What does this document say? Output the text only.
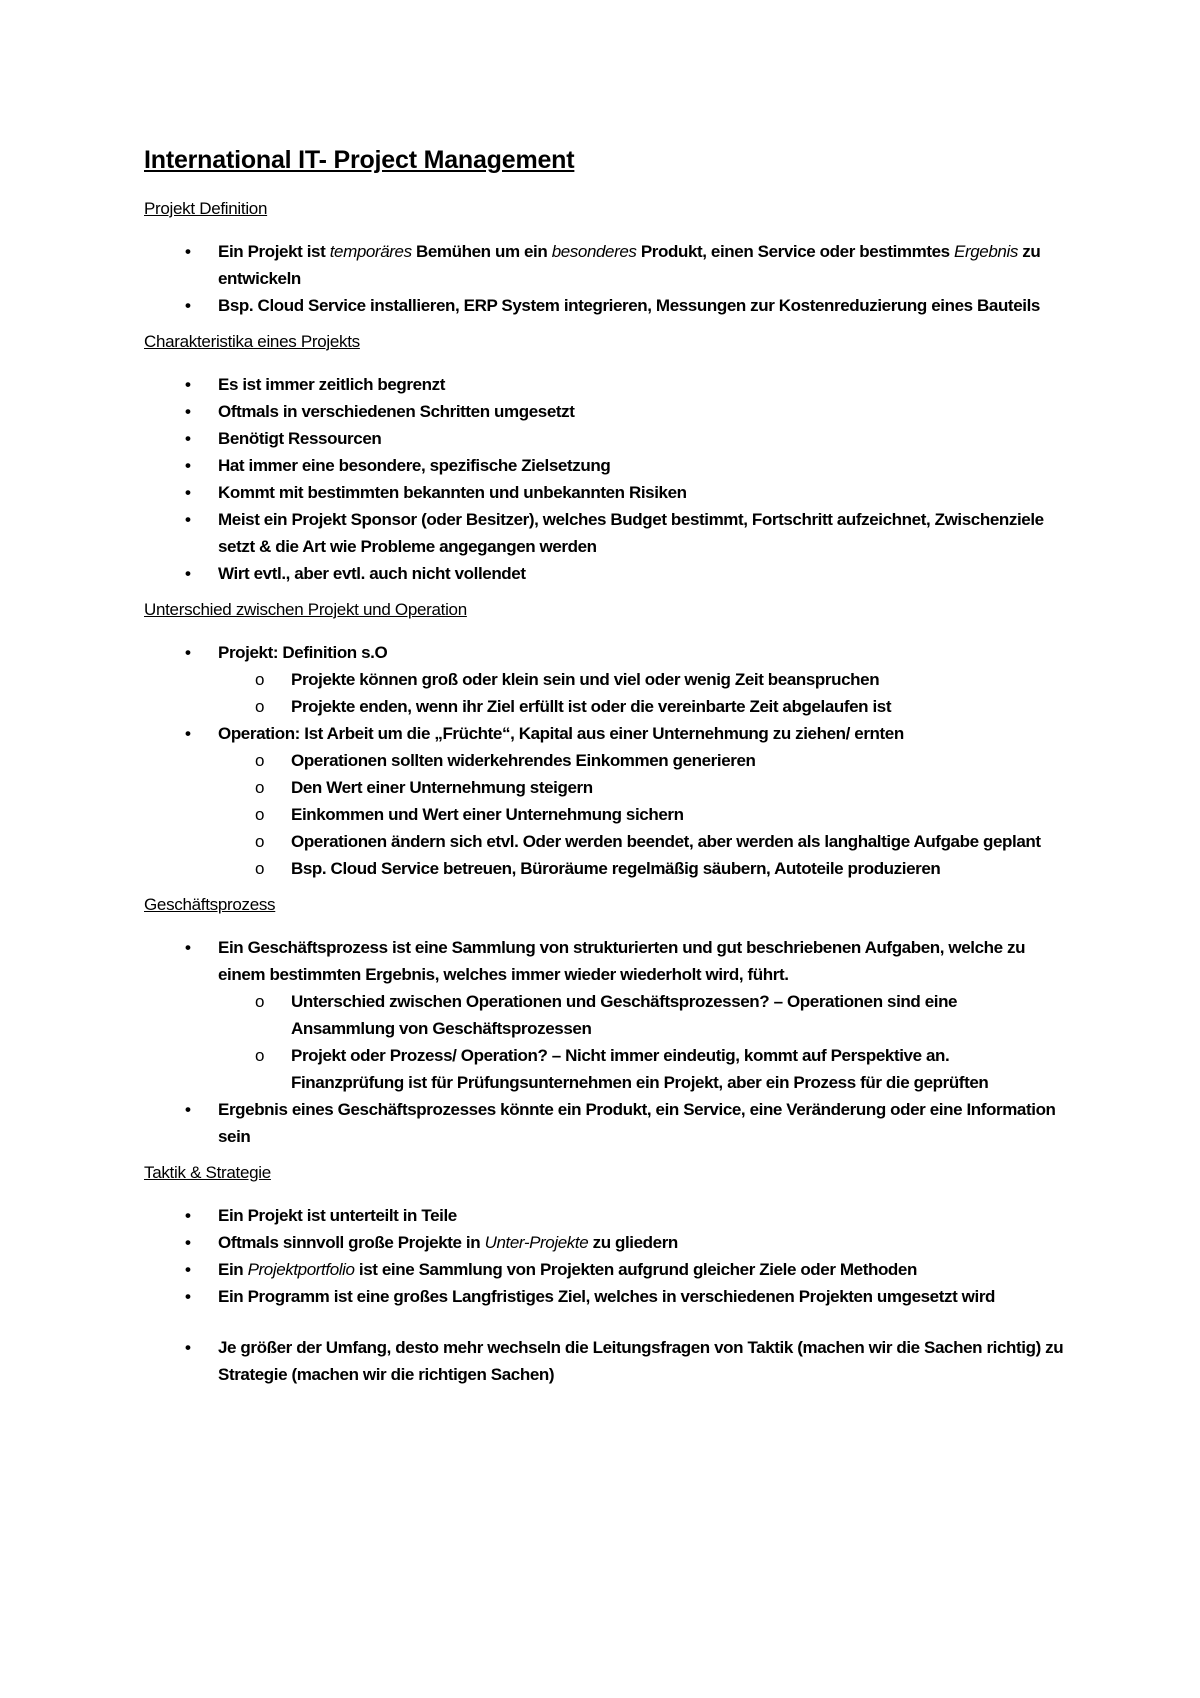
International IT- Project Management
Projekt Definition
• Ein Projekt ist temporäres Bemühen um ein besonderes Produkt, einen Service oder bestimmtes Ergebnis zu entwickeln
• Bsp. Cloud Service installieren, ERP System integrieren, Messungen zur Kostenreduzierung eines Bauteils
Charakteristika eines Projekts
• Es ist immer zeitlich begrenzt
• Oftmals in verschiedenen Schritten umgesetzt
• Benötigt Ressourcen
• Hat immer eine besondere, spezifische Zielsetzung
• Kommt mit bestimmten bekannten und unbekannten Risiken
• Meist ein Projekt Sponsor (oder Besitzer), welches Budget bestimmt, Fortschritt aufzeichnet, Zwischenziele setzt & die Art wie Probleme angegangen werden
• Wirt evtl., aber evtl. auch nicht vollendet
Unterschied zwischen Projekt und Operation
• Projekt: Definition s.O
o Projekte können groß oder klein sein und viel oder wenig Zeit beanspruchen
o Projekte enden, wenn ihr Ziel erfüllt ist oder die vereinbarte Zeit abgelaufen ist
• Operation: Ist Arbeit um die „Früchte“, Kapital aus einer Unternehmung zu ziehen/ ernten
o Operationen sollten widerkehrendes Einkommen generieren
o Den Wert einer Unternehmung steigern
o Einkommen und Wert einer Unternehmung sichern
o Operationen ändern sich etvl. Oder werden beendet, aber werden als langhaltige Aufgabe geplant
o Bsp. Cloud Service betreuen, Büroräume regelmäßig säubern, Autoteile produzieren
Geschäftsprozess
• Ein Geschäftsprozess ist eine Sammlung von strukturierten und gut beschriebenen Aufgaben, welche zu einem bestimmten Ergebnis, welches immer wieder wiederholt wird, führt.
o Unterschied zwischen Operationen und Geschäftsprozessen? – Operationen sind eine Ansammlung von Geschäftsprozessen
o Projekt oder Prozess/ Operation? – Nicht immer eindeutig, kommt auf Perspektive an. Finanzprüfung ist für Prüfungsunternehmen ein Projekt, aber ein Prozess für die geprüften
• Ergebnis eines Geschäftsprozesses könnte ein Produkt, ein Service, eine Veränderung oder eine Information sein
Taktik & Strategie
• Ein Projekt ist unterteilt in Teile
• Oftmals sinnvoll große Projekte in Unter-Projekte zu gliedern
• Ein Projektportfolio ist eine Sammlung von Projekten aufgrund gleicher Ziele oder Methoden
• Ein Programm ist eine großes Langfristiges Ziel, welches in verschiedenen Projekten umgesetzt wird
• Je größer der Umfang, desto mehr wechseln die Leitungsfragen von Taktik (machen wir die Sachen richtig) zu Strategie (machen wir die richtigen Sachen)
